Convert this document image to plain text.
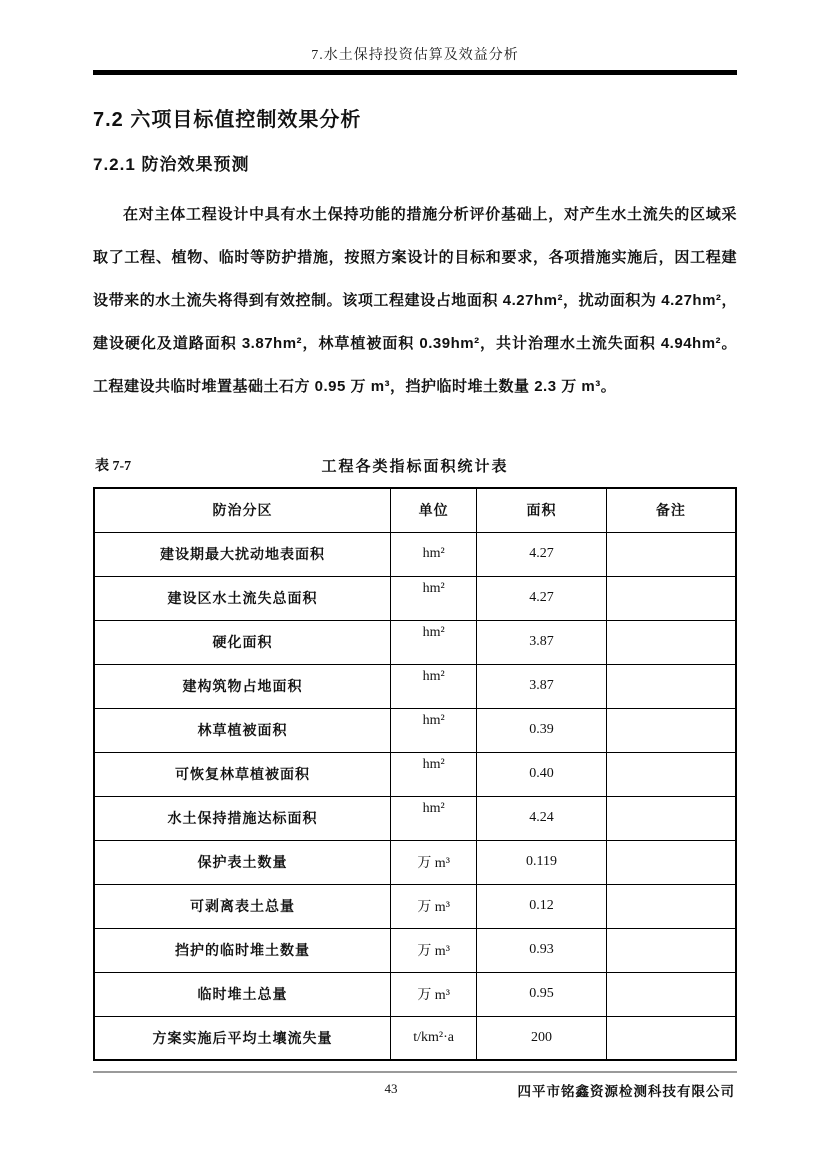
7.水土保持投资估算及效益分析
7.2 六项目标值控制效果分析
7.2.1 防治效果预测
在对主体工程设计中具有水土保持功能的措施分析评价基础上，对产生水土流失的区域采取了工程、植物、临时等防护措施，按照方案设计的目标和要求，各项措施实施后，因工程建设带来的水土流失将得到有效控制。该项工程建设占地面积 4.27hm²，扰动面积为 4.27hm²，建设硬化及道路面积 3.87hm²，林草植被面积 0.39hm²，共计治理水土流失面积 4.94hm²。工程建设共临时堆置基础土石方 0.95 万 m³，挡护临时堆土数量 2.3 万 m³。
表 7-7	工程各类指标面积统计表
防治分区	单位	面积	备注
建设期最大扰动地表面积	hm²	4.27	
建设区水土流失总面积	hm²	4.27	
硬化面积	hm²	3.87	
建构筑物占地面积	hm²	3.87	
林草植被面积	hm²	0.39	
可恢复林草植被面积	hm²	0.40	
水土保持措施达标面积	hm²	4.24	
保护表土数量	万 m³	0.119	
可剥离表土总量	万 m³	0.12	
挡护的临时堆土数量	万 m³	0.93	
临时堆土总量	万 m³	0.95	
方案实施后平均土壤流失量	t/km²·a	200	
43	四平市铭鑫资源检测科技有限公司
